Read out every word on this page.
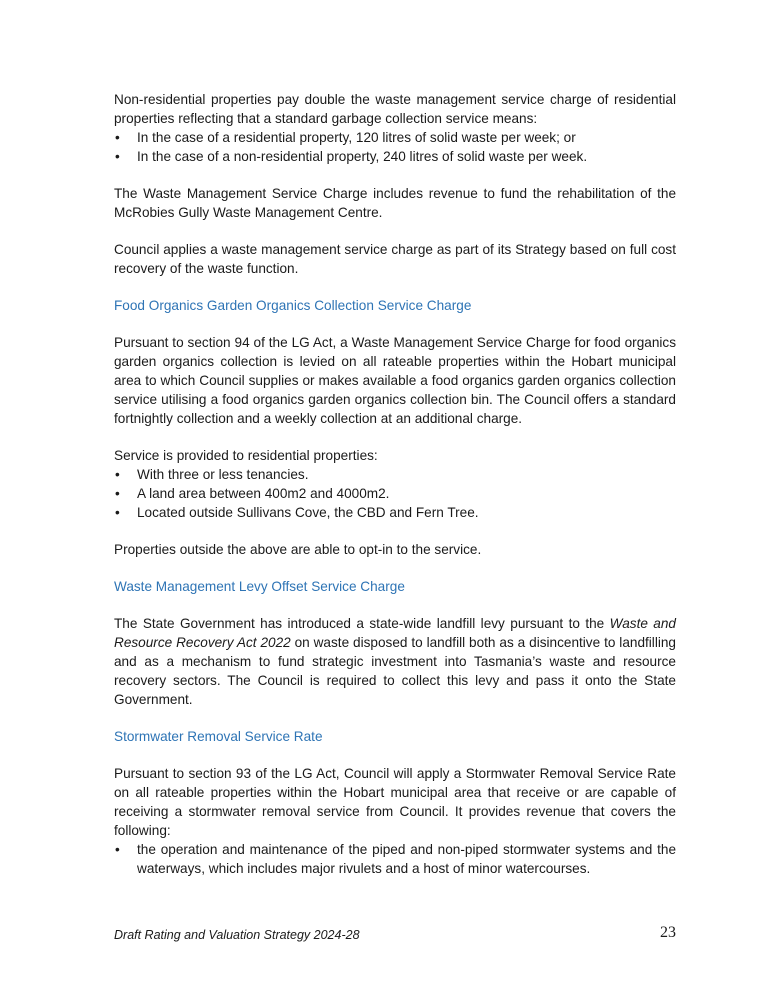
Non-residential properties pay double the waste management service charge of residential properties reflecting that a standard garbage collection service means:

• In the case of a residential property, 120 litres of solid waste per week; or
• In the case of a non-residential property, 240 litres of solid waste per week.

The Waste Management Service Charge includes revenue to fund the rehabilitation of the McRobies Gully Waste Management Centre.

Council applies a waste management service charge as part of its Strategy based on full cost recovery of the waste function.

Food Organics Garden Organics Collection Service Charge

Pursuant to section 94 of the LG Act, a Waste Management Service Charge for food organics garden organics collection is levied on all rateable properties within the Hobart municipal area to which Council supplies or makes available a food organics garden organics collection service utilising a food organics garden organics collection bin. The Council offers a standard fortnightly collection and a weekly collection at an additional charge.

Service is provided to residential properties:

• With three or less tenancies.
• A land area between 400m2 and 4000m2.
• Located outside Sullivans Cove, the CBD and Fern Tree.

Properties outside the above are able to opt-in to the service.

Waste Management Levy Offset Service Charge

The State Government has introduced a state-wide landfill levy pursuant to the Waste and Resource Recovery Act 2022 on waste disposed to landfill both as a disincentive to landfilling and as a mechanism to fund strategic investment into Tasmania’s waste and resource recovery sectors. The Council is required to collect this levy and pass it onto the State Government.

Stormwater Removal Service Rate

Pursuant to section 93 of the LG Act, Council will apply a Stormwater Removal Service Rate on all rateable properties within the Hobart municipal area that receive or are capable of receiving a stormwater removal service from Council. It provides revenue that covers the following:

• the operation and maintenance of the piped and non-piped stormwater systems and the waterways, which includes major rivulets and a host of minor watercourses.
Draft Rating and Valuation Strategy 2024-28	23
